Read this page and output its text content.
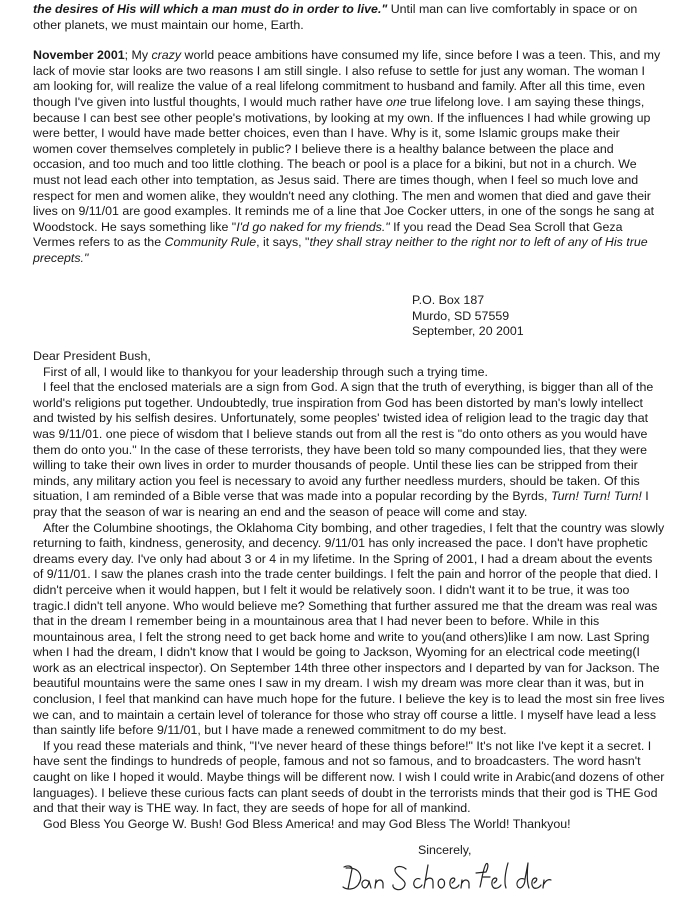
the desires of His will which a man must do in order to live." Until man can live comfortably in space or on other planets, we must maintain our home, Earth.

November 2001; My crazy world peace ambitions have consumed my life, since before I was a teen. This, and my lack of movie star looks are two reasons I am still single. I also refuse to settle for just any woman. The woman I am looking for, will realize the value of a real lifelong commitment to husband and family. After all this time, even though I've given into lustful thoughts, I would much rather have one true lifelong love. I am saying these things, because I can best see other people's motivations, by looking at my own. If the influences I had while growing up were better, I would have made better choices, even than I have. Why is it, some Islamic groups make their women cover themselves completely in public? I believe there is a healthy balance between the place and occasion, and too much and too little clothing. The beach or pool is a place for a bikini, but not in a church. We must not lead each other into temptation, as Jesus said. There are times though, when I feel so much love and respect for men and women alike, they wouldn't need any clothing. The men and women that died and gave their lives on 9/11/01 are good examples. It reminds me of a line that Joe Cocker utters, in one of the songs he sang at Woodstock. He says something like "I'd go naked for my friends." If you read the Dead Sea Scroll that Geza Vermes refers to as the Community Rule, it says, "they shall stray neither to the right nor to left of any of His true precepts."

P.O. Box 187
Murdo, SD 57559
September, 20 2001

Dear President Bush,

First of all, I would like to thankyou for your leadership through such a trying time.

I feel that the enclosed materials are a sign from God. A sign that the truth of everything, is bigger than all of the world's religions put together. Undoubtedly, true inspiration from God has been distorted by man's lowly intellect and twisted by his selfish desires. Unfortunately, some peoples' twisted idea of religion lead to the tragic day that was 9/11/01. one piece of wisdom that I believe stands out from all the rest is "do onto others as you would have them do onto you." In the case of these terrorists, they have been told so many compounded lies, that they were willing to take their own lives in order to murder thousands of people. Until these lies can be stripped from their minds, any military action you feel is necessary to avoid any further needless murders, should be taken. Of this situation, I am reminded of a Bible verse that was made into a popular recording by the Byrds, Turn! Turn! Turn! I pray that the season of war is nearing an end and the season of peace will come and stay.

After the Columbine shootings, the Oklahoma City bombing, and other tragedies, I felt that the country was slowly returning to faith, kindness, generosity, and decency. 9/11/01 has only increased the pace. I don't have prophetic dreams every day. I've only had about 3 or 4 in my lifetime. In the Spring of 2001, I had a dream about the events of 9/11/01. I saw the planes crash into the trade center buildings. I felt the pain and horror of the people that died. I didn't perceive when it would happen, but I felt it would be relatively soon. I didn't want it to be true, it was too tragic.I didn't tell anyone. Who would believe me? Something that further assured me that the dream was real was that in the dream I remember being in a mountainous area that I had never been to before. While in this mountainous area, I felt the strong need to get back home and write to you(and others)like I am now. Last Spring when I had the dream, I didn't know that I would be going to Jackson, Wyoming for an electrical code meeting(I work as an electrical inspector). On September 14th three other inspectors and I departed by van for Jackson. The beautiful mountains were the same ones I saw in my dream. I wish my dream was more clear than it was, but in conclusion, I feel that mankind can have much hope for the future. I believe the key is to lead the most sin free lives we can, and to maintain a certain level of tolerance for those who stray off course a little. I myself have lead a less than saintly life before 9/11/01, but I have made a renewed commitment to do my best.

If you read these materials and think, "I've never heard of these things before!" It's not like I've kept it a secret. I have sent the findings to hundreds of people, famous and not so famous, and to broadcasters. The word hasn't caught on like I hoped it would. Maybe things will be different now. I wish I could write in Arabic(and dozens of other languages). I believe these curious facts can plant seeds of doubt in the terrorists minds that their god is THE God and that their way is THE way. In fact, they are seeds of hope for all of mankind.

God Bless You George W. Bush! God Bless America! and may God Bless The World! Thankyou!

Sincerely,
